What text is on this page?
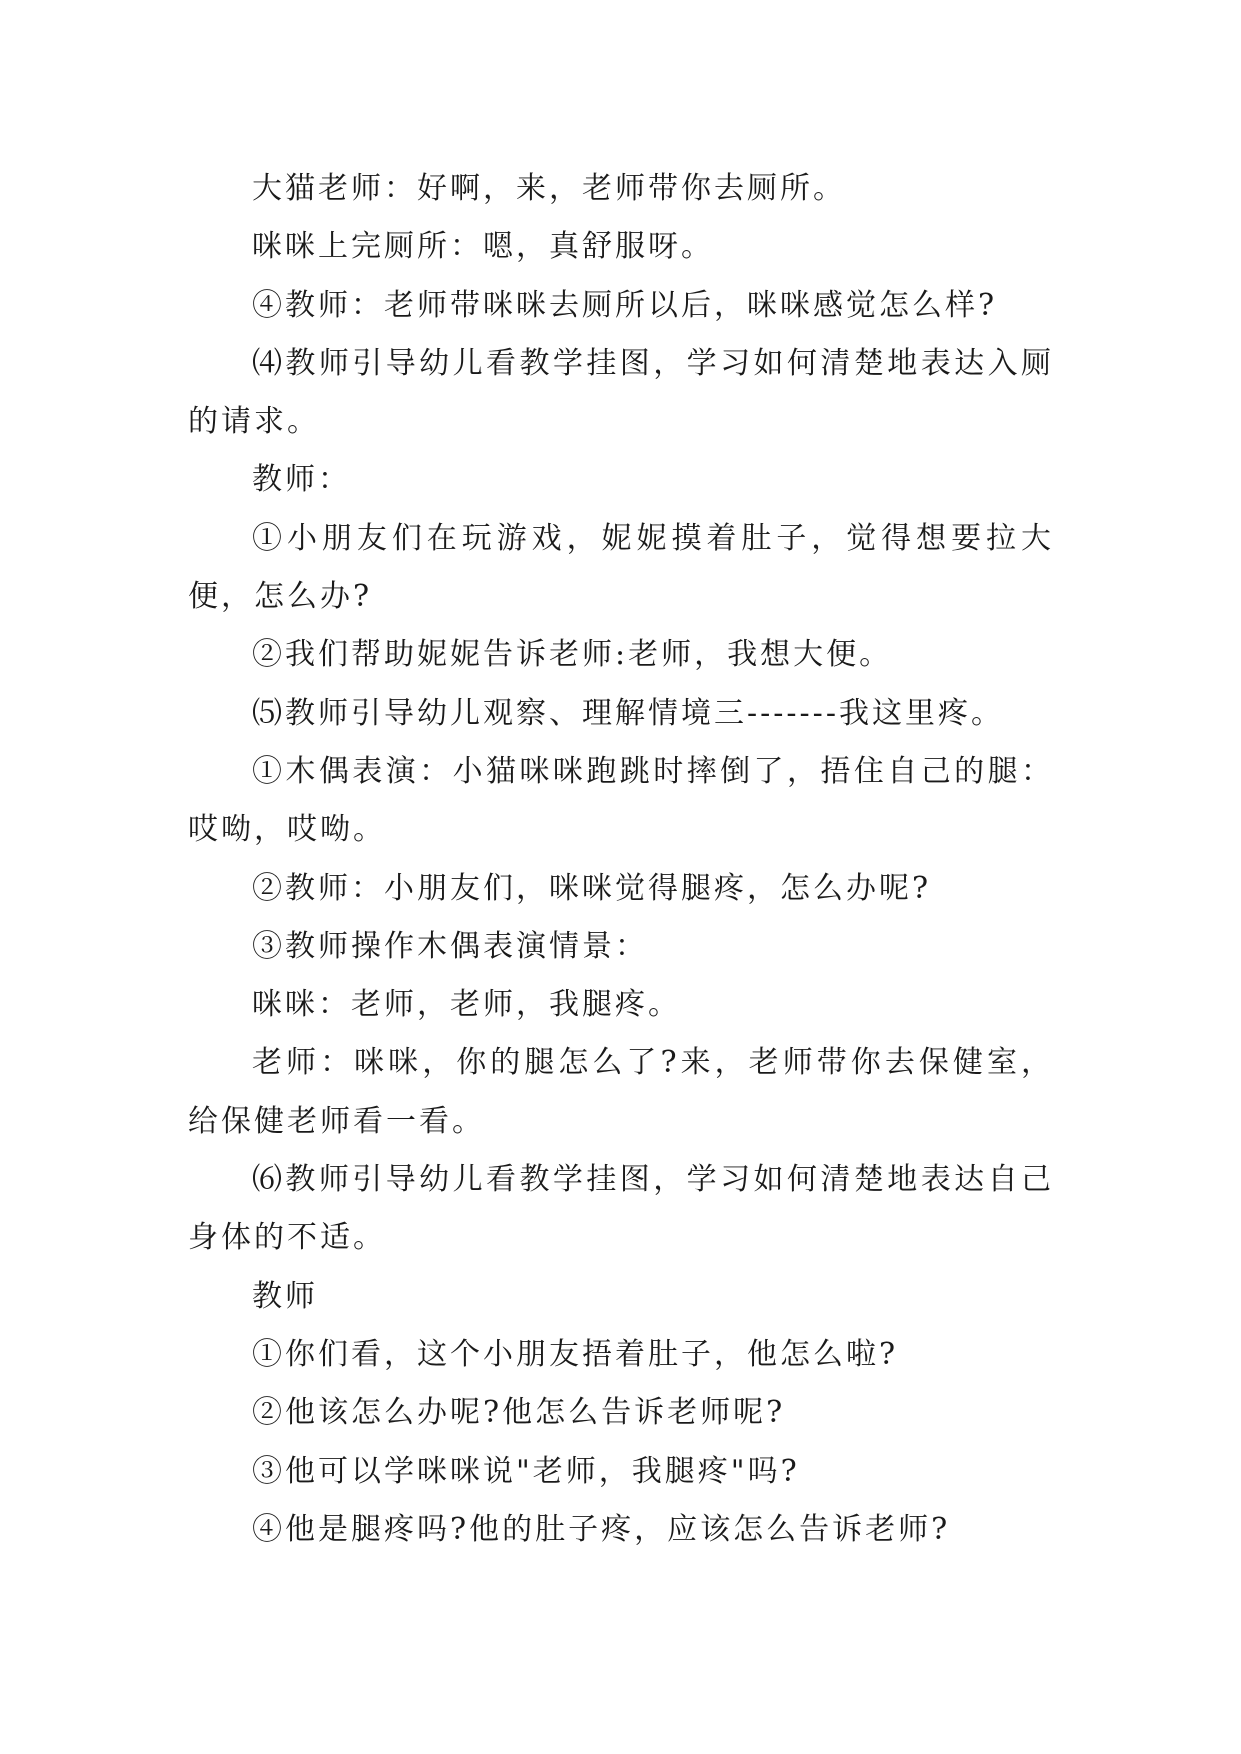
大猫老师：好啊，来，老师带你去厕所。

咪咪上完厕所：嗯，真舒服呀。

④教师：老师带咪咪去厕所以后，咪咪感觉怎么样?

⑷教师引导幼儿看教学挂图，学习如何清楚地表达入厕的请求。

教师：

①小朋友们在玩游戏，妮妮摸着肚子，觉得想要拉大便，怎么办?

②我们帮助妮妮告诉老师:老师，我想大便。

⑸教师引导幼儿观察、理解情境三-------我这里疼。

①木偶表演：小猫咪咪跑跳时摔倒了，捂住自己的腿：哎呦，哎呦。

②教师：小朋友们，咪咪觉得腿疼，怎么办呢?

③教师操作木偶表演情景：

咪咪：老师，老师，我腿疼。

老师：咪咪，你的腿怎么了?来，老师带你去保健室，给保健老师看一看。

⑹教师引导幼儿看教学挂图，学习如何清楚地表达自己身体的不适。

教师

①你们看，这个小朋友捂着肚子，他怎么啦?

②他该怎么办呢?他怎么告诉老师呢?

③他可以学咪咪说"老师，我腿疼"吗?

④他是腿疼吗?他的肚子疼，应该怎么告诉老师?
